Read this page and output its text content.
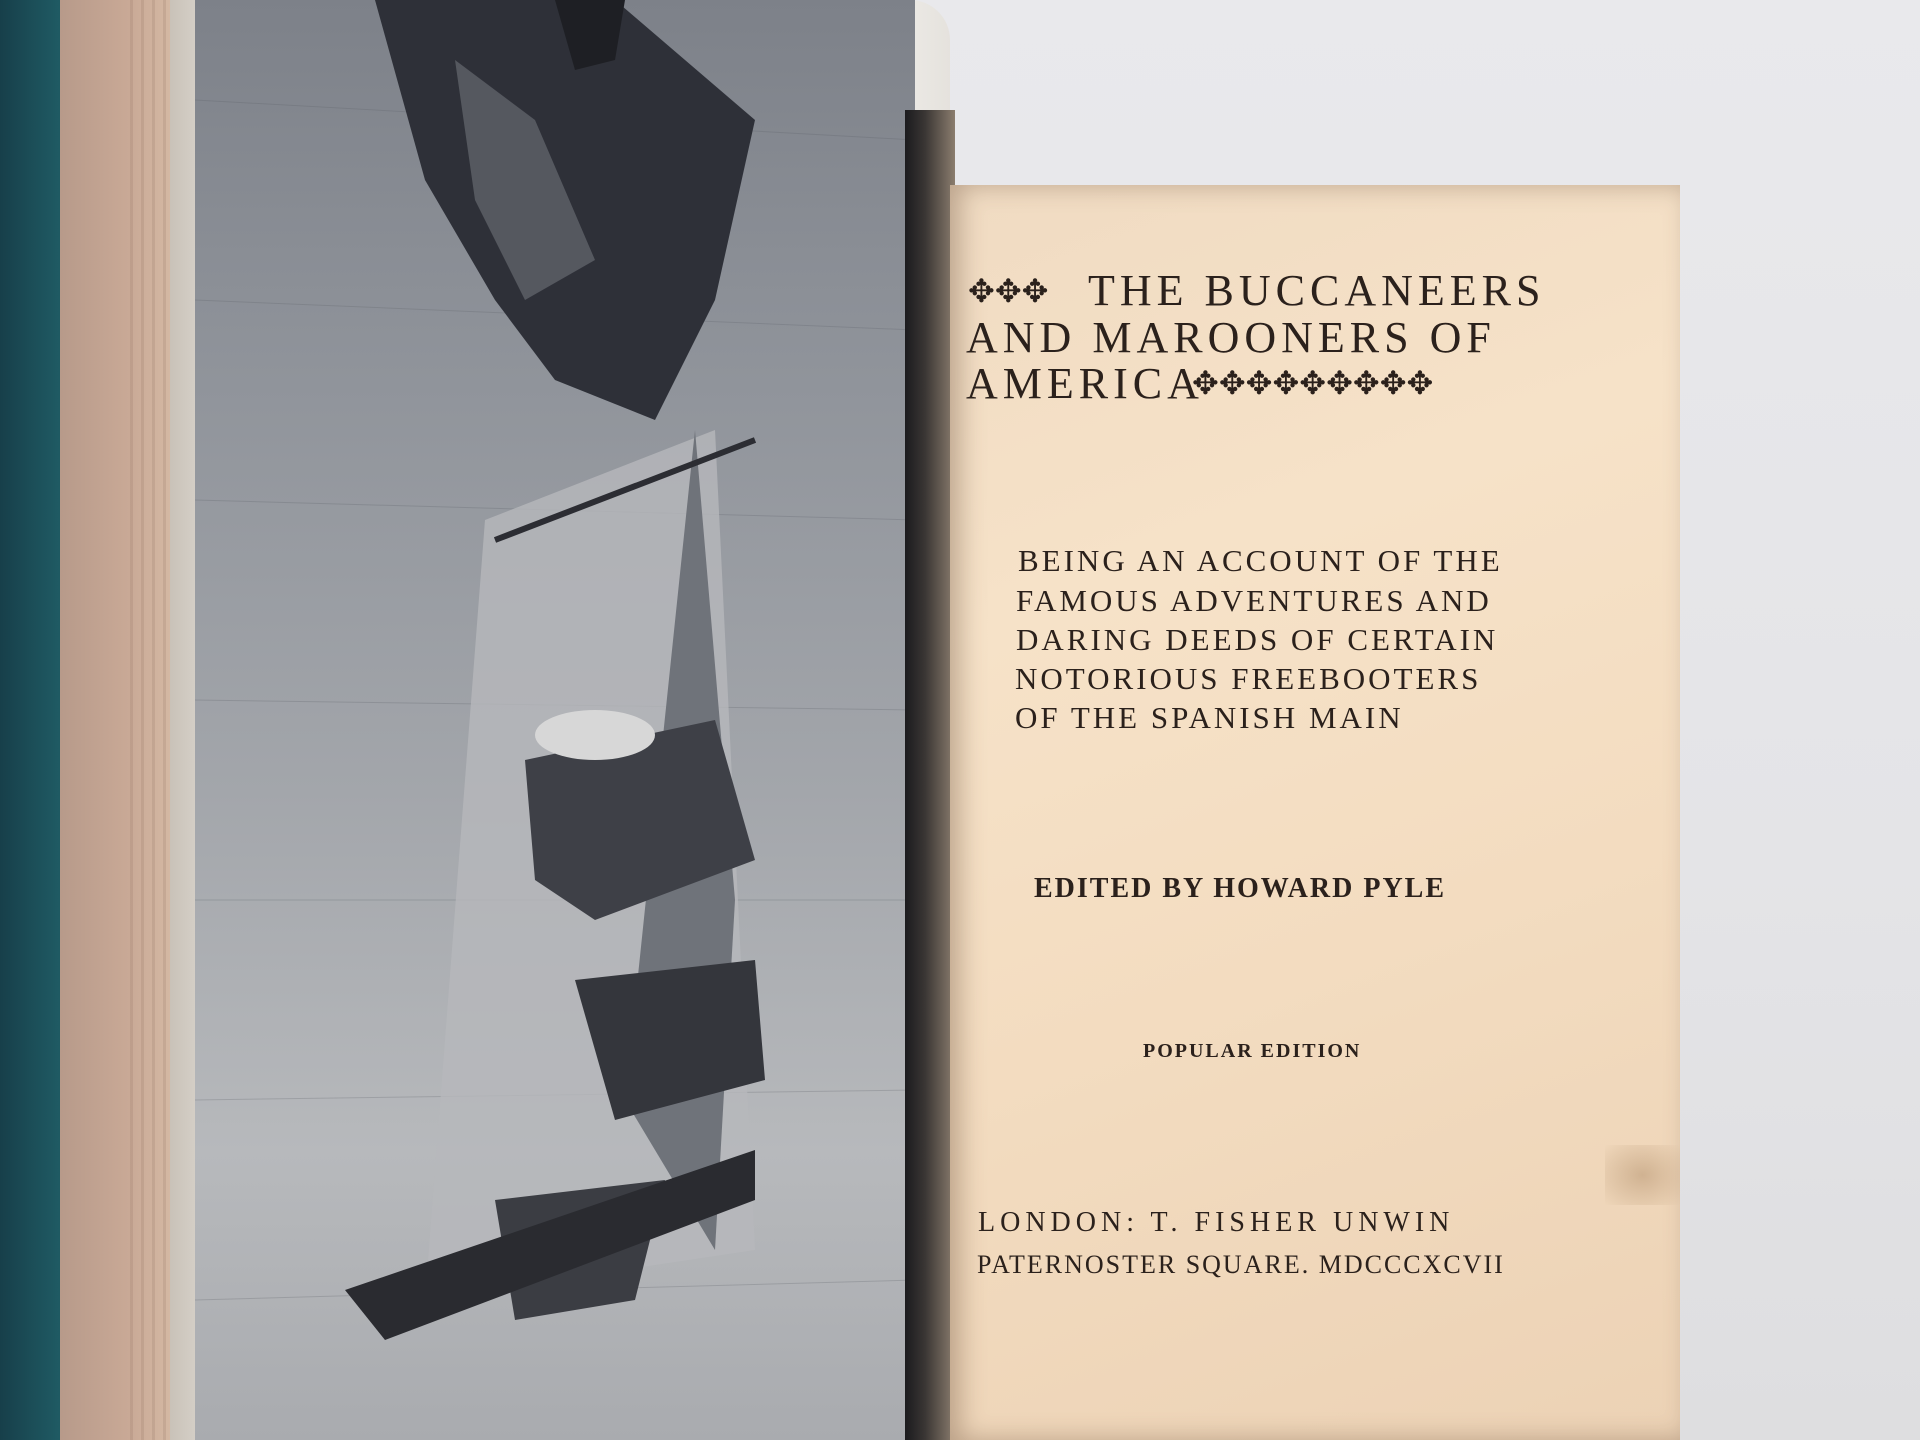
✥✥✥ THE BUCCANEERS
AND MAROONERS OF
AMERICA
✥✥✥✥✥✥✥✥✥
BEING AN ACCOUNT OF THE
FAMOUS ADVENTURES AND
DARING DEEDS OF CERTAIN
NOTORIOUS FREEBOOTERS
OF THE SPANISH MAIN
EDITED BY HOWARD PYLE
POPULAR EDITION
LONDON: T. FISHER UNWIN
PATERNOSTER SQUARE. MDCCCXCVII
